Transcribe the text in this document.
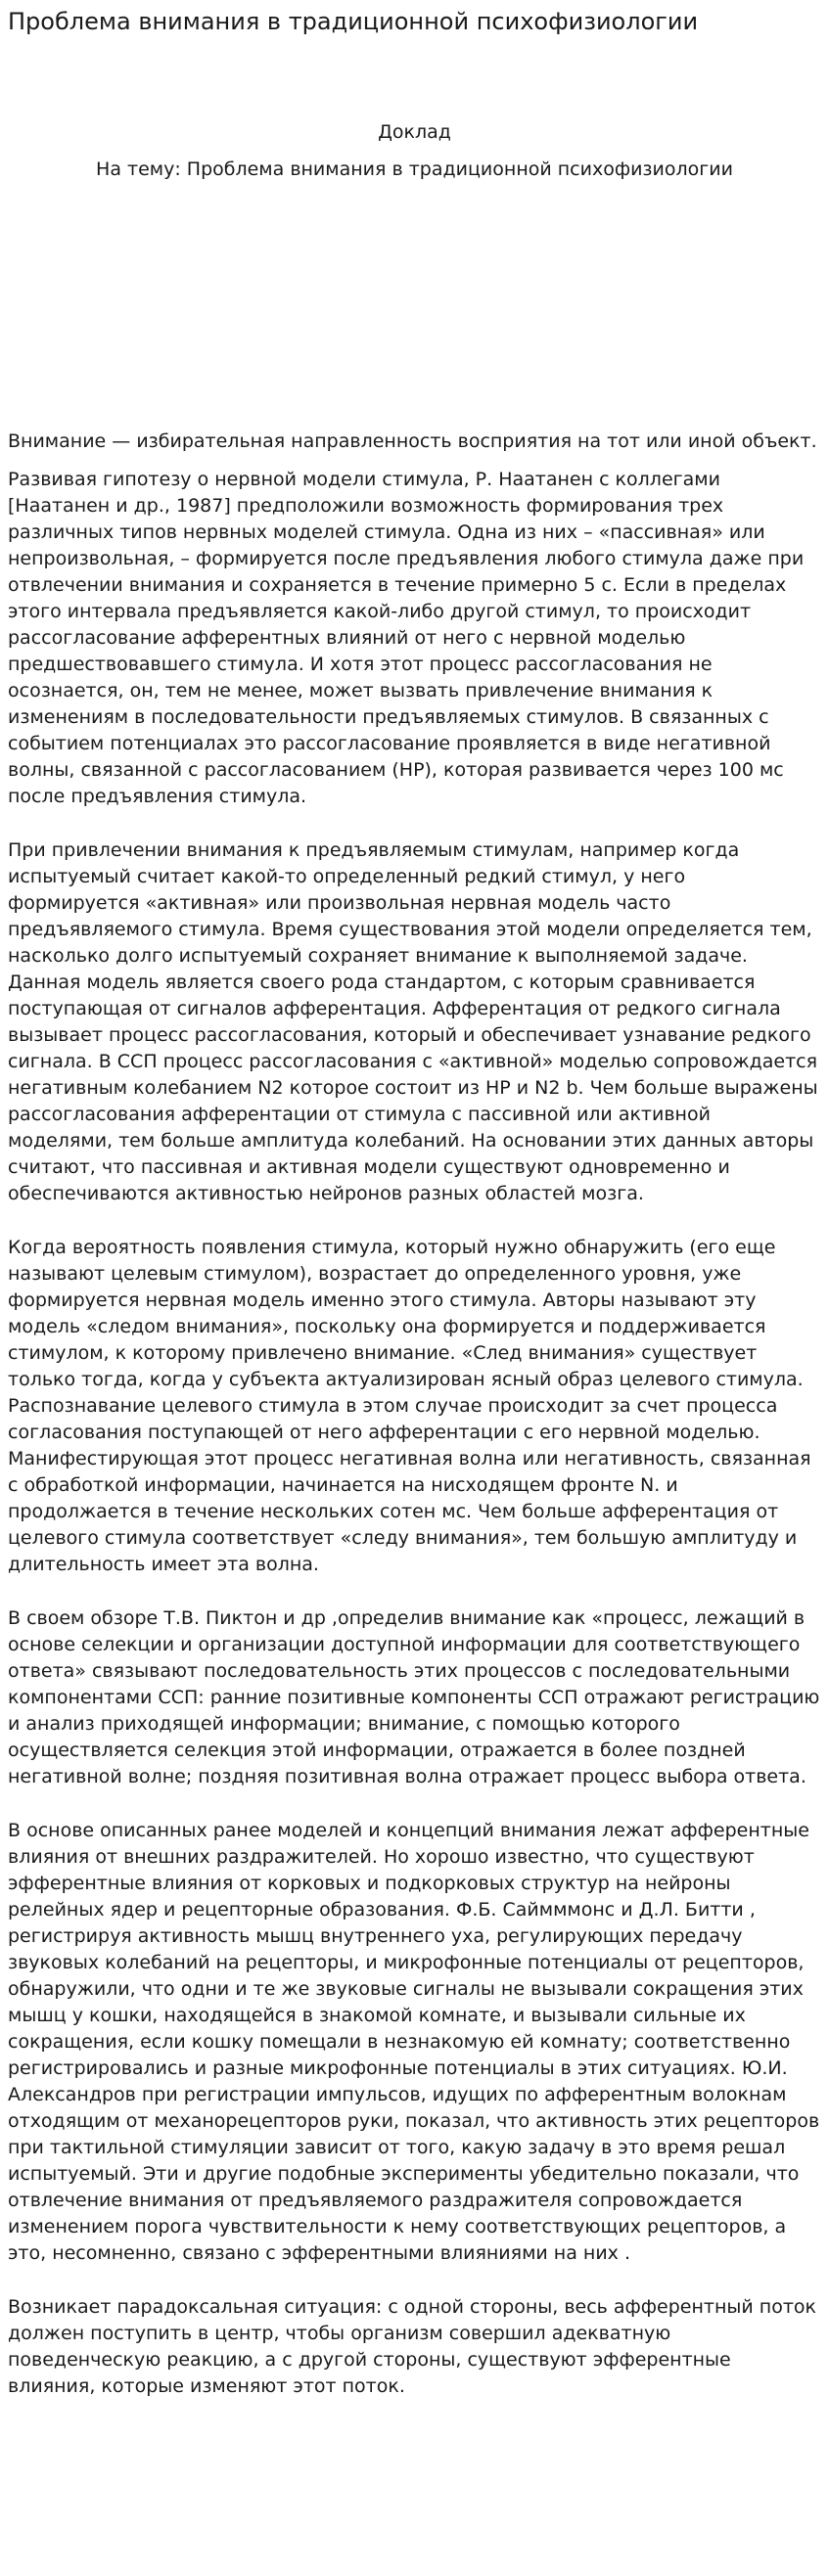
Проблема внимания в традиционной психофизиологии
Доклад
На тему: Проблема внимания в традиционной психофизиологии

Внимание — избирательная направленность восприятия на тот или иной объект.

Развивая гипотезу о нервной модели стимула, Р. Наатанен с коллегами [Наатанен и др., 1987] предположили возможность формирования трех различных типов нервных моделей стимула. Одна из них – «пассивная» или непроизвольная, – формируется после предъявления любого стимула даже при отвлечении внимания и сохраняется в течение примерно 5 с. Если в пределах этого интервала предъявляется какой-либо другой стимул, то происходит рассогласование афферентных влияний от него с нервной моделью предшествовавшего стимула. И хотя этот процесс рассогласования не осознается, он, тем не менее, может вызвать привлечение внимания к изменениям в последовательности предъявляемых стимулов. В связанных с событием потенциалах это рассогласование проявляется в виде негативной волны, связанной с рассогласованием (НР), которая развивается через 100 мс после предъявления стимула.

При привлечении внимания к предъявляемым стимулам, например когда испытуемый считает какой-то определенный редкий стимул, у него формируется «активная» или произвольная нервная модель часто предъявляемого стимула. Время существования этой модели определяется тем, насколько долго испытуемый сохраняет внимание к выполняемой задаче. Данная модель является своего рода стандартом, с которым сравнивается поступающая от сигналов афферентация. Афферентация от редкого сигнала вызывает процесс рассогласования, который и обеспечивает узнавание редкого сигнала. В ССП процесс рассогласования с «активной» моделью сопровождается негативным колебанием N2 которое состоит из НР и N2 b. Чем больше выражены рассогласования афферентации от стимула с пассивной или активной моделями, тем больше амплитуда колебаний. На основании этих данных авторы считают, что пассивная и активная модели существуют одновременно и обеспечиваются активностью нейронов разных областей мозга.

Когда вероятность появления стимула, который нужно обнаружить (его еще называют целевым стимулом), возрастает до определенного уровня, уже формируется нервная модель именно этого стимула. Авторы называют эту модель «следом внимания», поскольку она формируется и поддерживается стимулом, к которому привлечено внимание. «След внимания» существует только тогда, когда у субъекта актуализирован ясный образ целевого стимула. Распознавание целевого стимула в этом случае происходит за счет процесса согласования поступающей от него афферентации с его нервной моделью. Манифестирующая этот процесс негативная волна или негативность, связанная с обработкой информации, начинается на нисходящем фронте N. и продолжается в течение нескольких сотен мс. Чем больше афферентация от целевого стимула соответствует «следу внимания», тем большую амплитуду и длительность имеет эта волна.

В своем обзоре Т.В. Пиктон и др ,определив внимание как «процесс, лежащий в основе селекции и организации доступной информации для соответствующего ответа» связывают последовательность этих процессов с последовательными компонентами ССП: ранние позитивные компоненты ССП отражают регистрацию и анализ приходящей информации; внимание, с помощью которого осуществляется селекция этой информации, отражается в более поздней негативной волне; поздняя позитивная волна отражает процесс выбора ответа.

В основе описанных ранее моделей и концепций внимания лежат афферентные влияния от внешних раздражителей. Но хорошо известно, что существуют эфферентные влияния от корковых и подкорковых структур на нейроны релейных ядер и рецепторные образования. Ф.Б. Саймммонс и Д.Л. Битти , регистрируя активность мышц внутреннего уха, регулирующих передачу звуковых колебаний на рецепторы, и микрофонные потенциалы от рецепторов, обнаружили, что одни и те же звуковые сигналы не вызывали сокращения этих мышц у кошки, находящейся в знакомой комнате, и вызывали сильные их сокращения, если кошку помещали в незнакомую ей комнату; соответственно регистрировались и разные микрофонные потенциалы в этих ситуациях. Ю.И. Александров при регистрации импульсов, идущих по афферентным волокнам отходящим от механорецепторов руки, показал, что активность этих рецепторов при тактильной стимуляции зависит от того, какую задачу в это время решал испытуемый. Эти и другие подобные эксперименты убедительно показали, что отвлечение внимания от предъявляемого раздражителя сопровождается изменением порога чувствительности к нему соответствующих рецепторов, а это, несомненно, связано с эфферентными влияниями на них .

Возникает парадоксальная ситуация: с одной стороны, весь афферентный поток должен поступить в центр, чтобы организм совершил адекватную поведенческую реакцию, а с другой стороны, существуют эфферентные влияния, которые изменяют этот поток.
